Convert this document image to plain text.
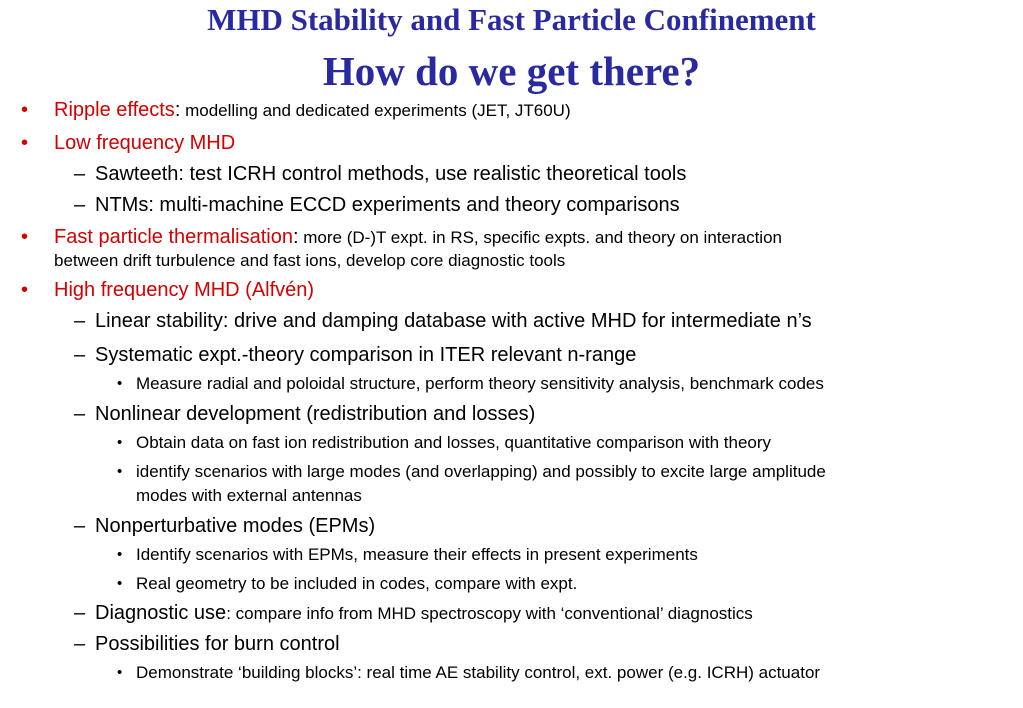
MHD Stability and Fast Particle Confinement
How do we get there?
• Ripple effects: modelling and dedicated experiments (JET, JT60U)
• Low frequency MHD
– Sawteeth: test ICRH control methods, use realistic theoretical tools
– NTMs: multi-machine ECCD experiments and theory comparisons
• Fast particle thermalisation: more (D-)T expt. in RS, specific expts. and theory on interaction
between drift turbulence and fast ions, develop core diagnostic tools
• High frequency MHD (Alfvén)
– Linear stability: drive and damping database with active MHD for intermediate n’s
– Systematic expt.-theory comparison in ITER relevant n-range
• Measure radial and poloidal structure, perform theory sensitivity analysis, benchmark codes
– Nonlinear development (redistribution and losses)
• Obtain data on fast ion redistribution and losses, quantitative comparison with theory
• identify scenarios with large modes (and overlapping) and possibly to excite large amplitude
modes with external antennas
– Nonperturbative modes (EPMs)
• Identify scenarios with EPMs, measure their effects in present experiments
• Real geometry to be included in codes, compare with expt.
– Diagnostic use: compare info from MHD spectroscopy with ‘conventional’ diagnostics
– Possibilities for burn control
• Demonstrate ‘building blocks’: real time AE stability control, ext. power (e.g. ICRH) actuator
